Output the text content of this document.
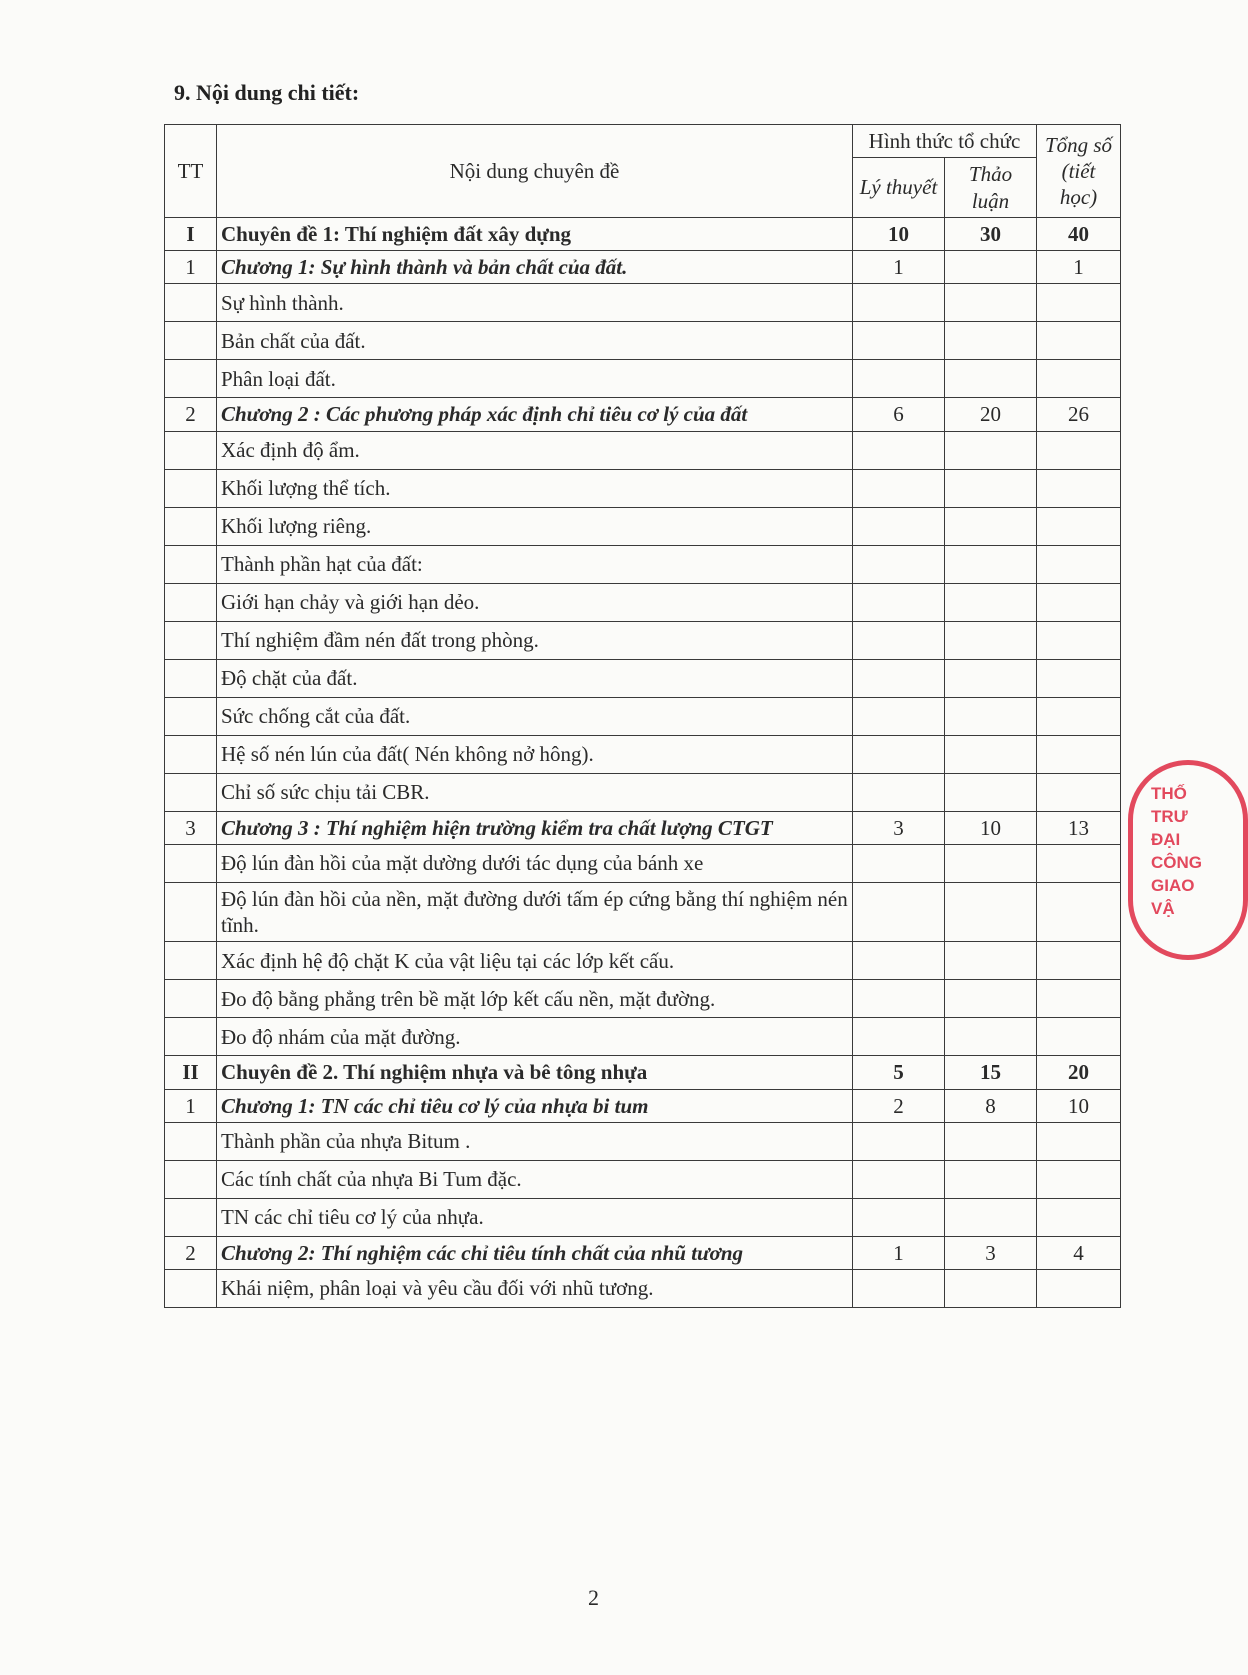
9. Nội dung chi tiết:
TT	Nội dung chuyên đề	Hình thức tổ chức		Tổng số (tiết học)
		Lý thuyết	Thảo luận	
I	Chuyên đề 1: Thí nghiệm đất xây dựng	10	30	40
1	Chương 1: Sự hình thành và bản chất của đất.	1		1
	Sự hình thành.			
	Bản chất của đất.			
	Phân loại đất.			
2	Chương 2 : Các phương pháp xác định chỉ tiêu cơ lý của đất	6	20	26
	Xác định độ ẩm.			
	Khối lượng thể tích.			
	Khối lượng riêng.			
	Thành phần hạt của đất:			
	Giới hạn chảy và giới hạn dẻo.			
	Thí nghiệm đầm nén đất trong phòng.			
	Độ chặt của đất.			
	Sức chống cắt của đất.			
	Hệ số nén lún của đất( Nén không nở hông).			
	Chỉ số sức chịu tải CBR.			
3	Chương 3 : Thí nghiệm hiện trường kiểm tra chất lượng CTGT	3	10	13
	Độ lún đàn hồi của mặt dường dưới tác dụng của bánh xe			
	Độ lún đàn hồi của nền, mặt đường dưới tấm ép cứng bằng thí nghiệm nén tĩnh.			
	Xác định hệ độ chặt K của vật liệu tại các lớp kết cấu.			
	Đo độ bằng phẳng trên bề mặt lớp kết cấu nền, mặt đường.			
	Đo độ nhám của mặt đường.			
II	Chuyên đề 2. Thí nghiệm nhựa và bê tông nhựa	5	15	20
1	Chương 1: TN các chỉ tiêu cơ lý của nhựa bi tum	2	8	10
	Thành phần của nhựa Bitum .			
	Các tính chất của nhựa Bi Tum đặc.			
	TN các chỉ tiêu cơ lý của nhựa.			
2	Chương 2: Thí nghiệm các chỉ tiêu tính chất của nhũ tương	1	3	4
	Khái niệm, phân loại và yêu cầu đối với nhũ tương.			
THỐ
TRƯ
ĐẠI
CÔNG
GIAO
VẬ
2
